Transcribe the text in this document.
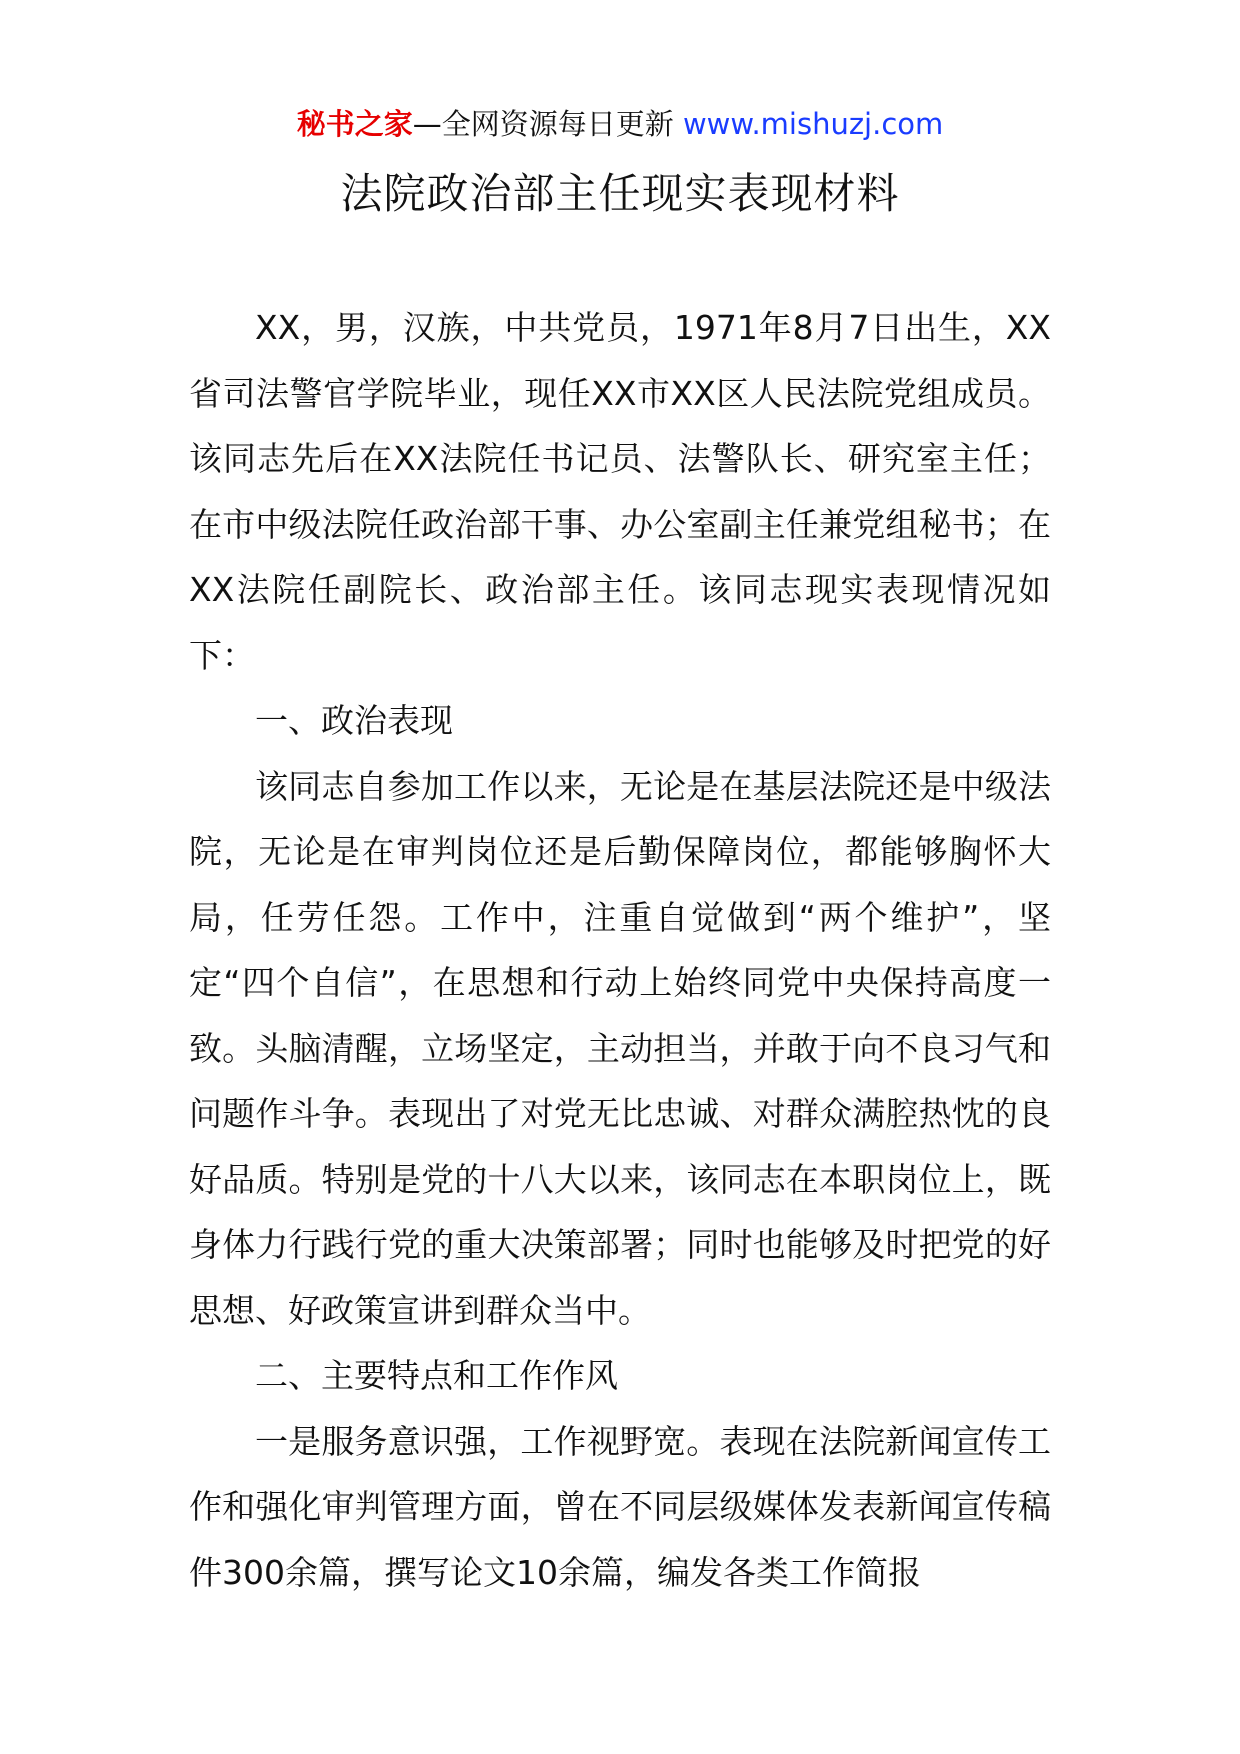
秘书之家—全网资源每日更新 www.mishuzj.com
法院政治部主任现实表现材料

XX，男，汉族，中共党员，1971年8月7日出生，XX省司法警官学院毕业，现任XX市XX区人民法院党组成员。该同志先后在XX法院任书记员、法警队长、研究室主任；在市中级法院任政治部干事、办公室副主任兼党组秘书；在XX法院任副院长、政治部主任。该同志现实表现情况如下：

一、政治表现

该同志自参加工作以来，无论是在基层法院还是中级法院，无论是在审判岗位还是后勤保障岗位，都能够胸怀大局，任劳任怨。工作中，注重自觉做到“两个维护”，坚定“四个自信”，在思想和行动上始终同党中央保持高度一致。头脑清醒，立场坚定，主动担当，并敢于向不良习气和问题作斗争。表现出了对党无比忠诚、对群众满腔热忱的良好品质。特别是党的十八大以来，该同志在本职岗位上，既身体力行践行党的重大决策部署；同时也能够及时把党的好思想、好政策宣讲到群众当中。

二、主要特点和工作作风

一是服务意识强，工作视野宽。表现在法院新闻宣传工作和强化审判管理方面，曾在不同层级媒体发表新闻宣传稿件300余篇，撰写论文10余篇，编发各类工作简报
